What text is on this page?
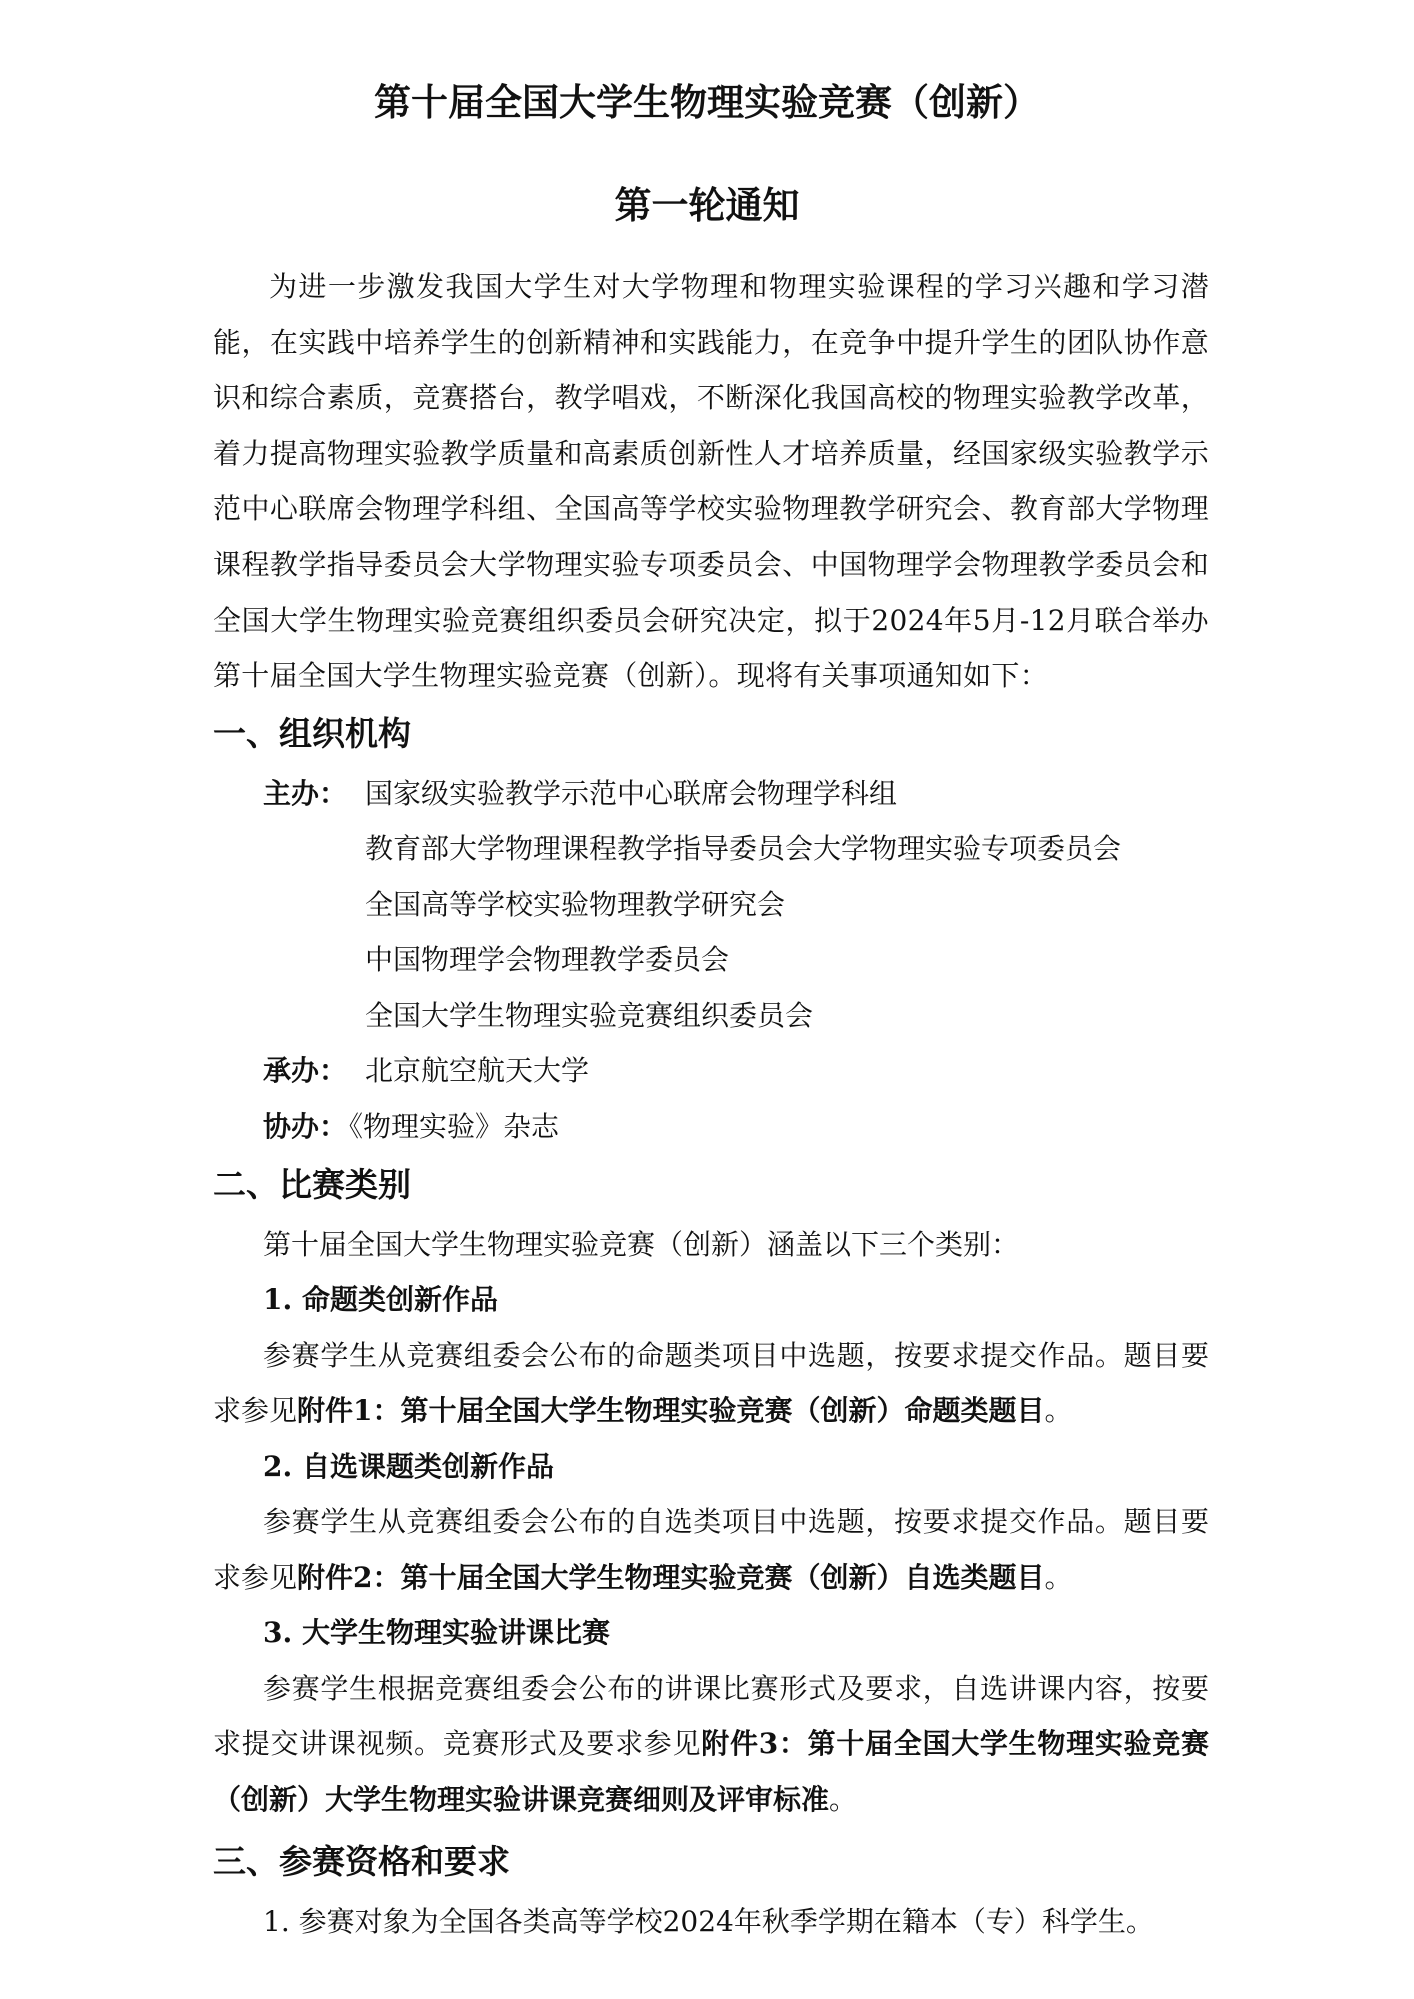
第十届全国大学生物理实验竞赛（创新）
第一轮通知

为进一步激发我国大学生对大学物理和物理实验课程的学习兴趣和学习潜能，在实践中培养学生的创新精神和实践能力，在竞争中提升学生的团队协作意识和综合素质，竞赛搭台，教学唱戏，不断深化我国高校的物理实验教学改革，着力提高物理实验教学质量和高素质创新性人才培养质量，经国家级实验教学示范中心联席会物理学科组、全国高等学校实验物理教学研究会、教育部大学物理课程教学指导委员会大学物理实验专项委员会、中国物理学会物理教学委员会和全国大学生物理实验竞赛组织委员会研究决定，拟于2024年5月-12月联合举办第十届全国大学生物理实验竞赛（创新）。现将有关事项通知如下：

一、组织机构
主办： 国家级实验教学示范中心联席会物理学科组
教育部大学物理课程教学指导委员会大学物理实验专项委员会
全国高等学校实验物理教学研究会
中国物理学会物理教学委员会
全国大学生物理实验竞赛组织委员会
承办： 北京航空航天大学
协办：
《物理实验》杂志
二、比赛类别
第十届全国大学生物理实验竞赛（创新）涵盖以下三个类别：
1. 命题类创新作品
参赛学生从竞赛组委会公布的命题类项目中选题，按要求提交作品。题目要
求参见附件1：第十届全国大学生物理实验竞赛（创新）命题类题目。
2. 自选课题类创新作品
参赛学生从竞赛组委会公布的自选类项目中选题，按要求提交作品。题目要
求参见附件2：第十届全国大学生物理实验竞赛（创新）自选类题目。
3. 大学生物理实验讲课比赛
参赛学生根据竞赛组委会公布的讲课比赛形式及要求，自选讲课内容，按要
求提交讲课视频。竞赛形式及要求参见附件3：第十届全国大学生物理实验竞赛
（创新）大学生物理实验讲课竞赛细则及评审标准。
三、参赛资格和要求
1. 参赛对象为全国各类高等学校2024年秋季学期在籍本（专）科学生。
